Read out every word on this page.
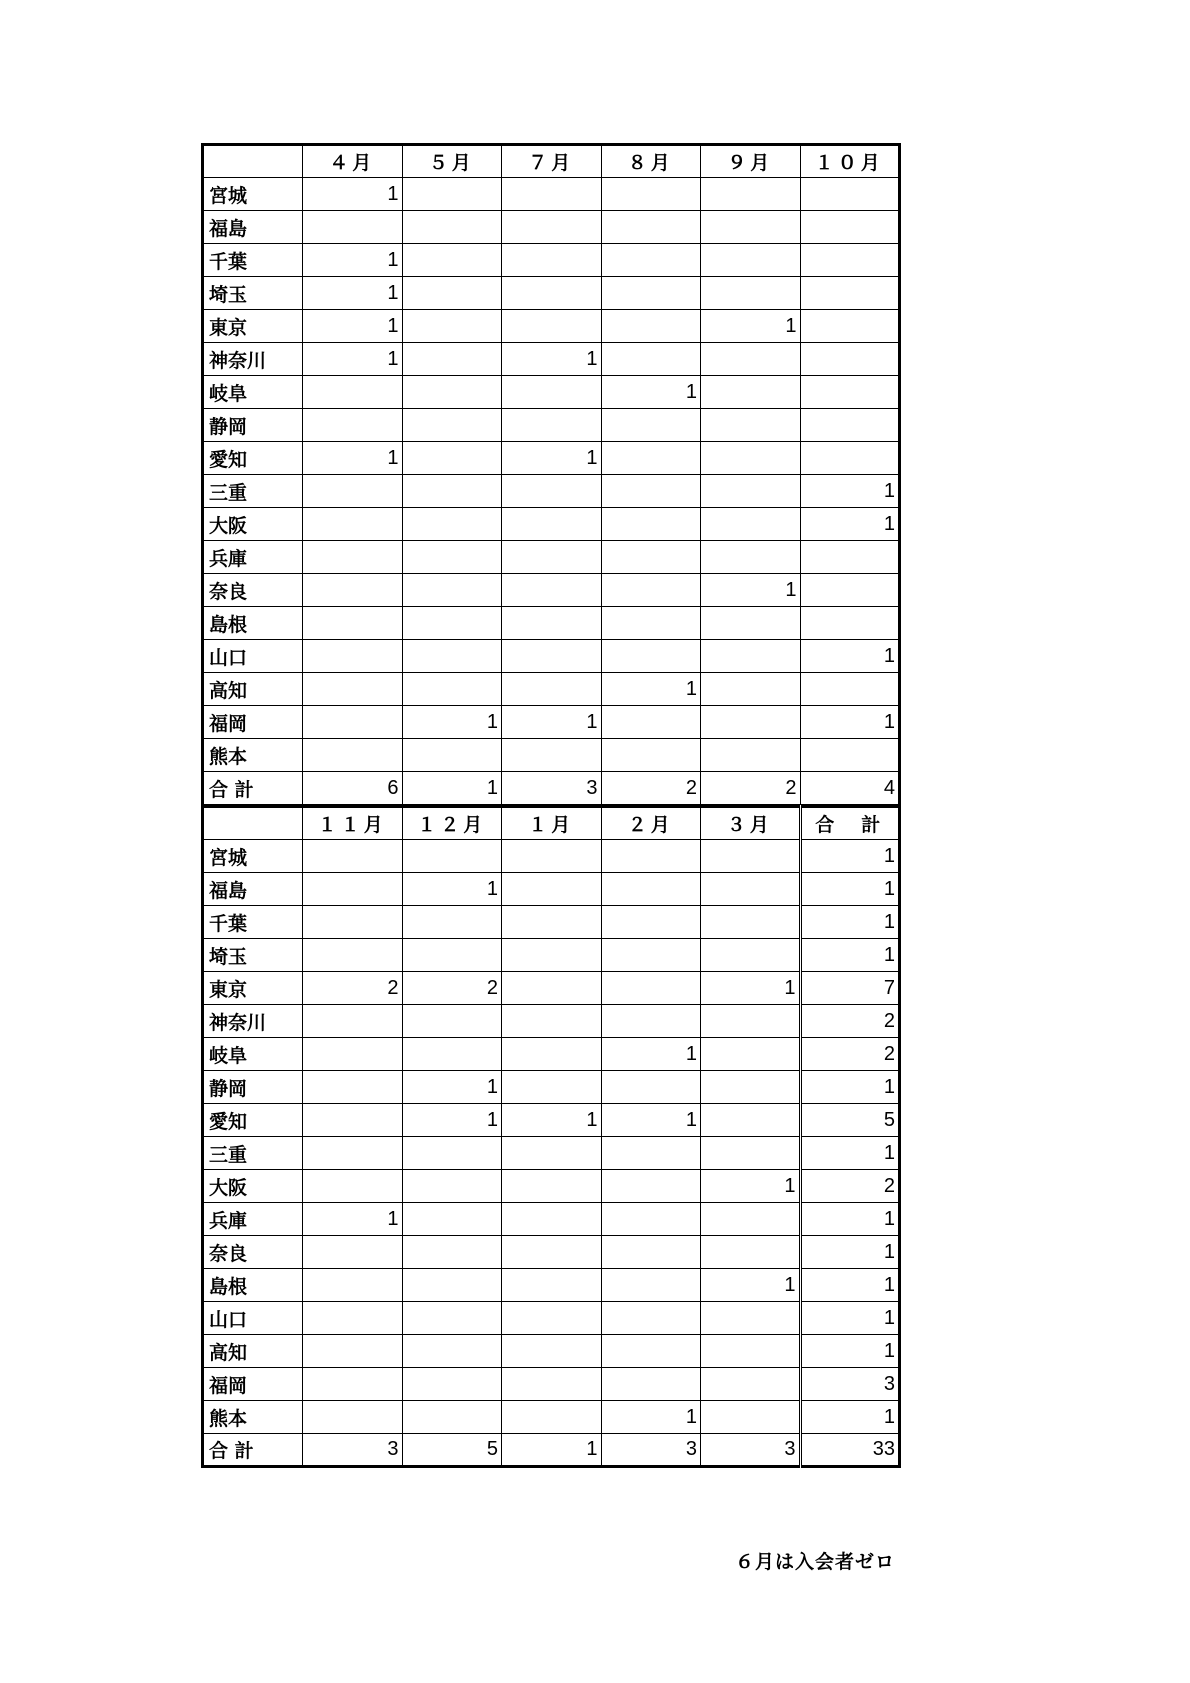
	４月	５月	７月	８月	９月	１０月
宮城	1					
福島						
千葉	1					
埼玉	1					
東京	1				1	
神奈川	1		1			
岐阜				1		
静岡						
愛知	1		1			
三重						1
大阪						1
兵庫						
奈良					1	
島根						
山口						1
高知				1		
福岡		1	1			1
熊本						
合 計	6	1	3	2	2	4
	１１月	１２月	１月	２月	３月	合　計
宮城						1
福島		1				1
千葉						1
埼玉						1
東京	2	2			1	7
神奈川						2
岐阜				1		2
静岡		1				1
愛知		1	1	1		5
三重						1
大阪					1	2
兵庫	1					1
奈良						1
島根					1	1
山口						1
高知						1
福岡						3
熊本				1		1
合 計	3	5	1	3	3	33
６月は入会者ゼロ
